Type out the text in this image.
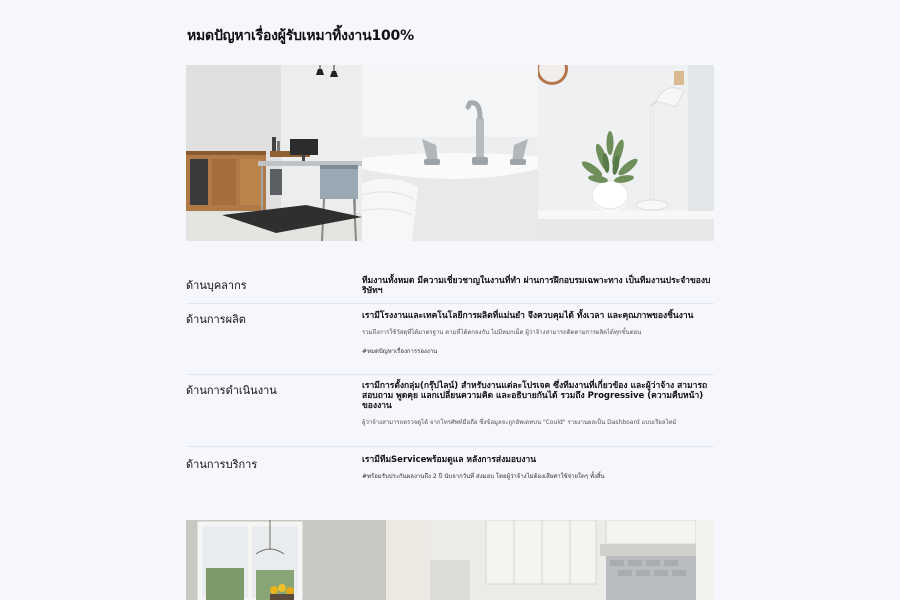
หมดปัญหาเรื่องผู้รับเหมาทิ้งงาน100%
ด้านบุคลากร	ทีมงานทั้งหมด มีความเชี่ยวชาญในงานที่ทำ ผ่านการฝึกอบรมเฉพาะทาง เป็นทีมงานประจำของบริษัทฯ
ด้านการผลิต	เรามีโรงงานและเทคโนโลยีการผลิตที่แม่นยำ จึงควบคุมได้ ทั้งเวลา และคุณภาพของชิ้นงาน
รวมถึงการใช้วัสดุที่ได้มาตรฐาน ตามที่ได้ตกลงกัน ไม่มีหมกเม็ด ผู้ว่าจ้างสามารถติดตามการผลิตได้ทุกขั้นตอน
#หมดปัญหาเรื่องการรองงาน
ด้านการดำเนินงาน	เรามีการตั้งกลุ่ม(กรุ๊ปไลน์) สำหรับงานแต่ละโปรเจค ซึ่งทีมงานที่เกี่ยวข้อง และผู้ว่าจ้าง สามารถสอบถาม พูดคุย แลกเปลี่ยนความคิด และอธิบายกันได้ รวมถึง Progressive (ความคืบหน้า) ของงาน
ผู้ว่าจ้างสามารถตรวจดูได้ จากโทรศัพท์มือถือ ซึ่งข้อมูลจะถูกอัพเดทบน "Could" รายงานผลเป็น Dashboard แบบเรียลไทม์
ด้านการบริการ	เรามีทีมServiceพร้อมดูแล หลังการส่งมอบงาน
#พร้อมรับประกันผลงานถึง 2 ปี นับจากวันที่ ส่งมอบ โดยผู้ว่าจ้างไม่ต้องเสียค่าใช้จ่ายใดๆ ทั้งสิ้น
